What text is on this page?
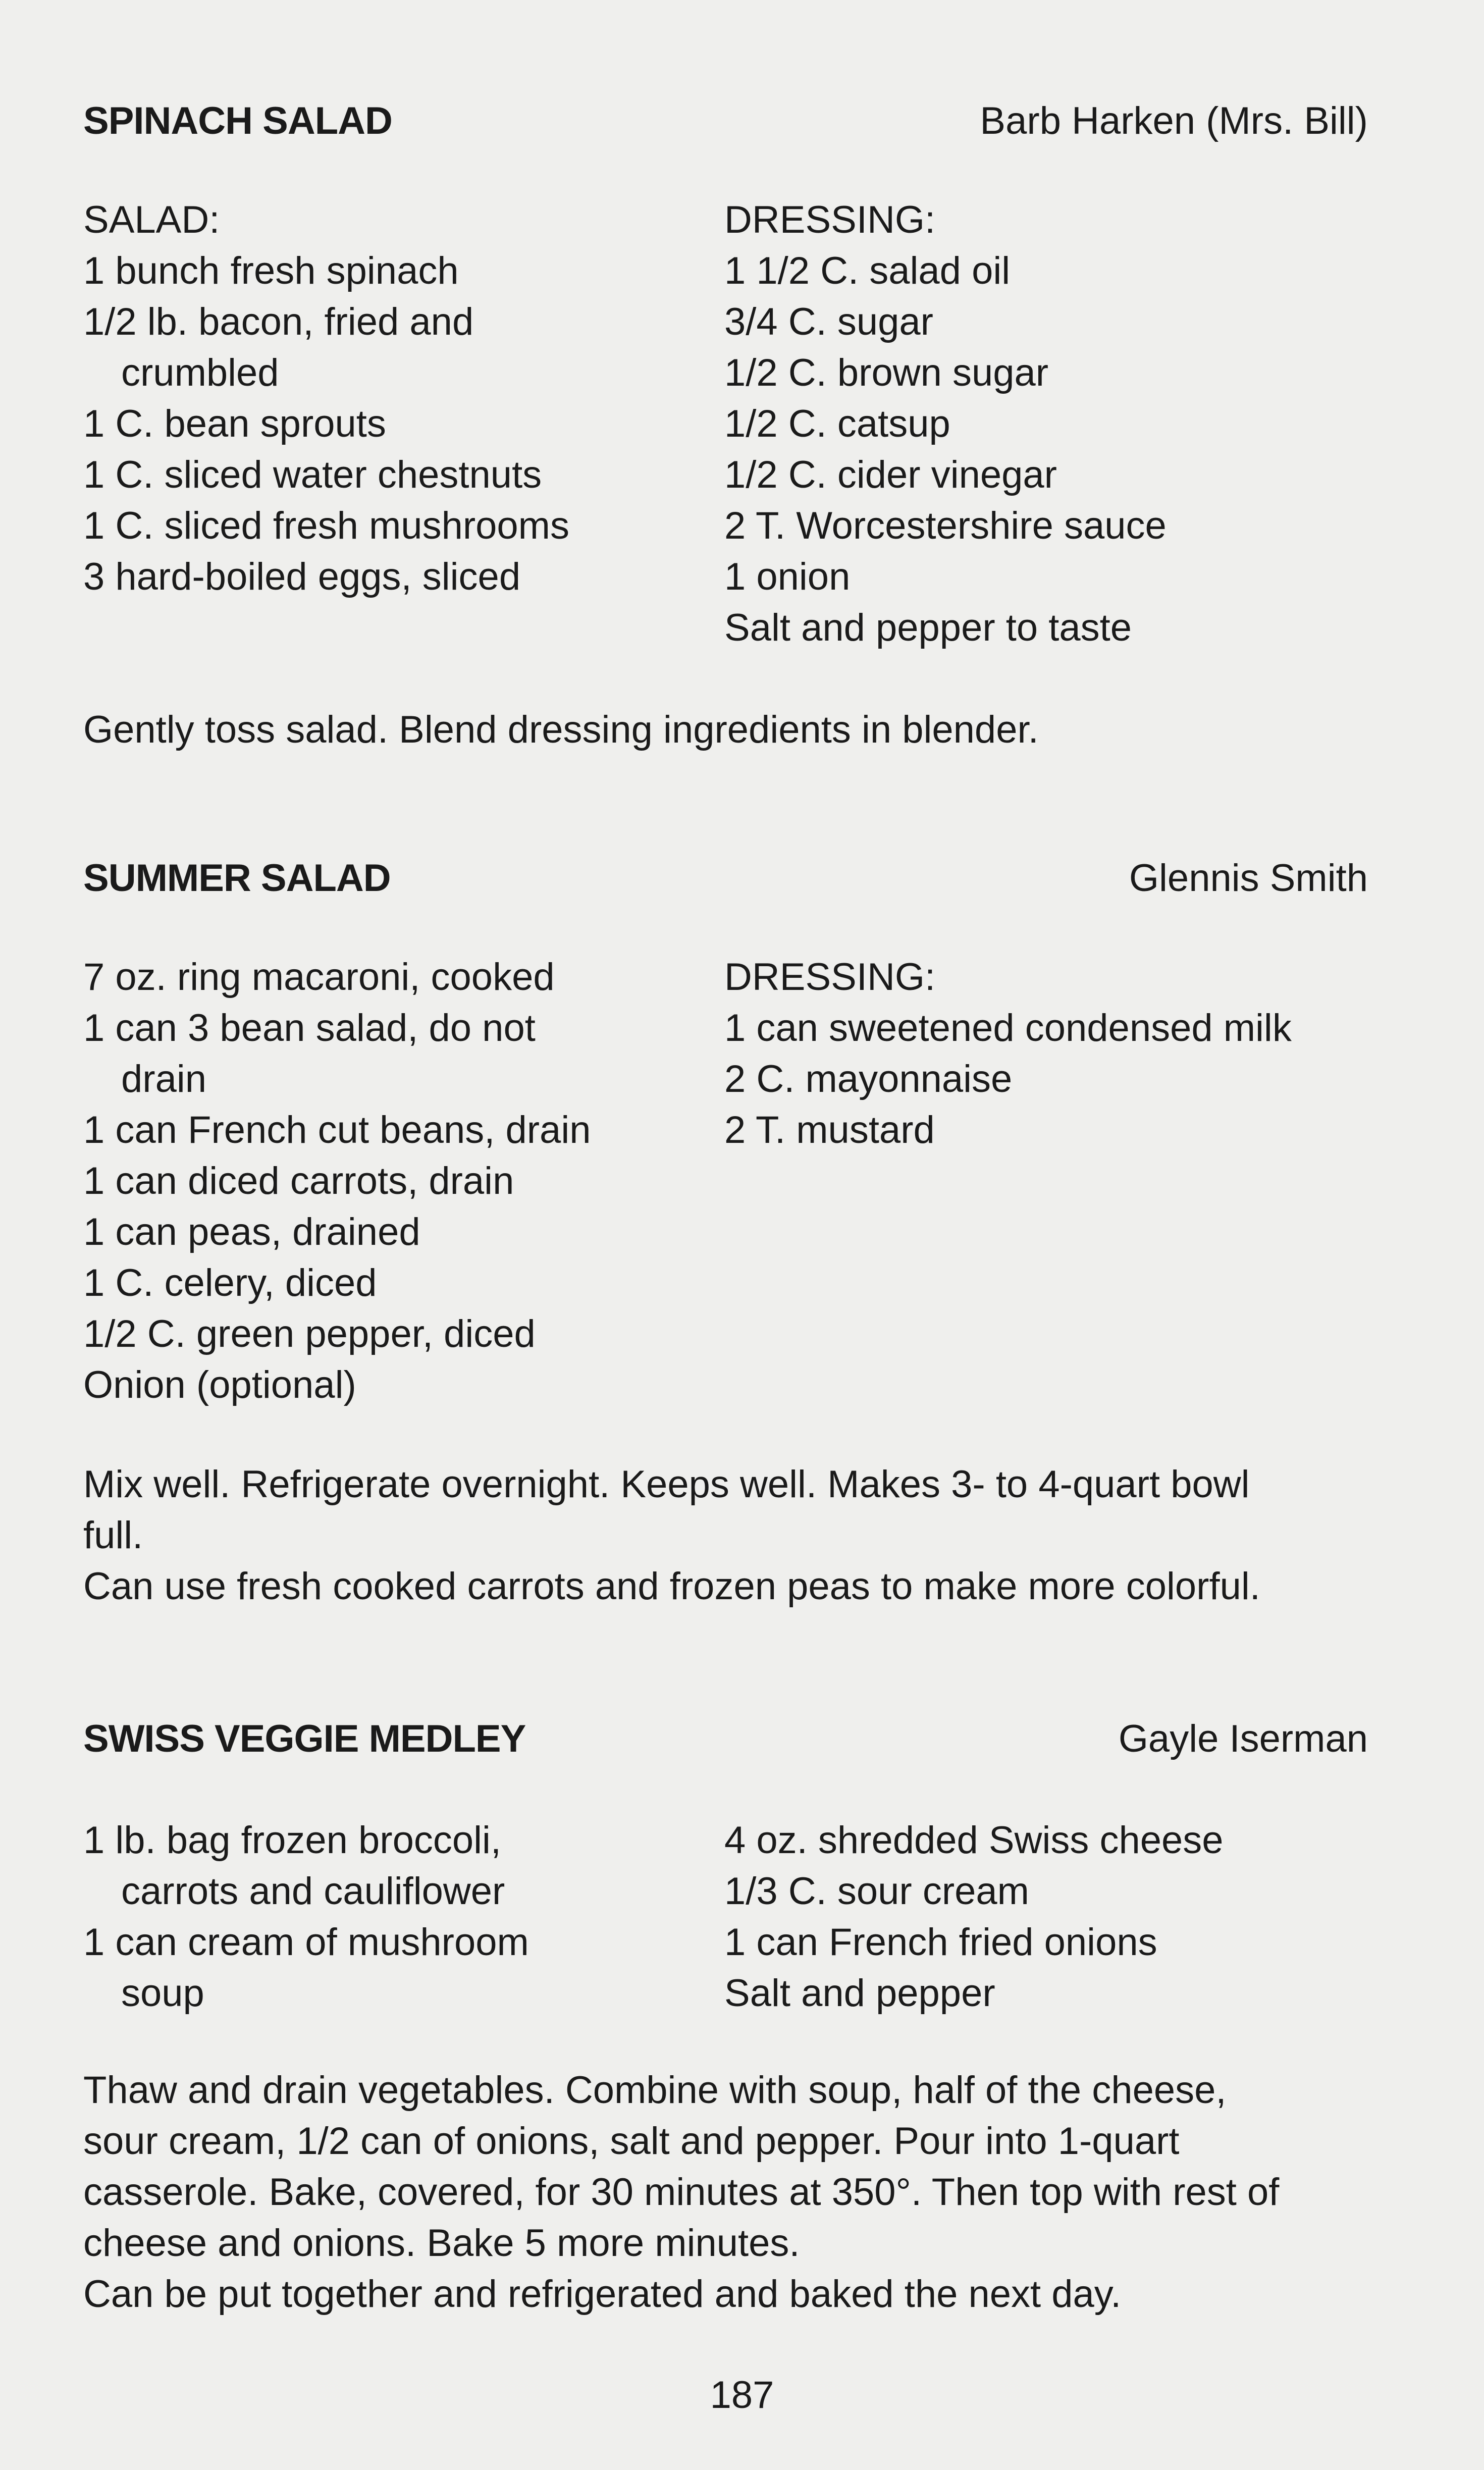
SPINACH SALAD	Barb Harken (Mrs. Bill)
SALAD:
1 bunch fresh spinach
1/2 lb. bacon, fried and
crumbled
1 C. bean sprouts
1 C. sliced water chestnuts
1 C. sliced fresh mushrooms
3 hard-boiled eggs, sliced
DRESSING:
1 1/2 C. salad oil
3/4 C. sugar
1/2 C. brown sugar
1/2 C. catsup
1/2 C. cider vinegar
2 T. Worcestershire sauce
1 onion
Salt and pepper to taste
Gently toss salad. Blend dressing ingredients in blender.
SUMMER SALAD	Glennis Smith
7 oz. ring macaroni, cooked
1 can 3 bean salad, do not
drain
1 can French cut beans, drain
1 can diced carrots, drain
1 can peas, drained
1 C. celery, diced
1/2 C. green pepper, diced
Onion (optional)
DRESSING:
1 can sweetened condensed milk
2 C. mayonnaise
2 T. mustard
Mix well. Refrigerate overnight. Keeps well. Makes 3- to 4-quart bowl
full.
Can use fresh cooked carrots and frozen peas to make more colorful.
SWISS VEGGIE MEDLEY	Gayle Iserman
1 lb. bag frozen broccoli,
carrots and cauliflower
1 can cream of mushroom
soup
4 oz. shredded Swiss cheese
1/3 C. sour cream
1 can French fried onions
Salt and pepper
Thaw and drain vegetables. Combine with soup, half of the cheese,
sour cream, 1/2 can of onions, salt and pepper. Pour into 1-quart
casserole. Bake, covered, for 30 minutes at 350°. Then top with rest of
cheese and onions. Bake 5 more minutes.
Can be put together and refrigerated and baked the next day.
187
